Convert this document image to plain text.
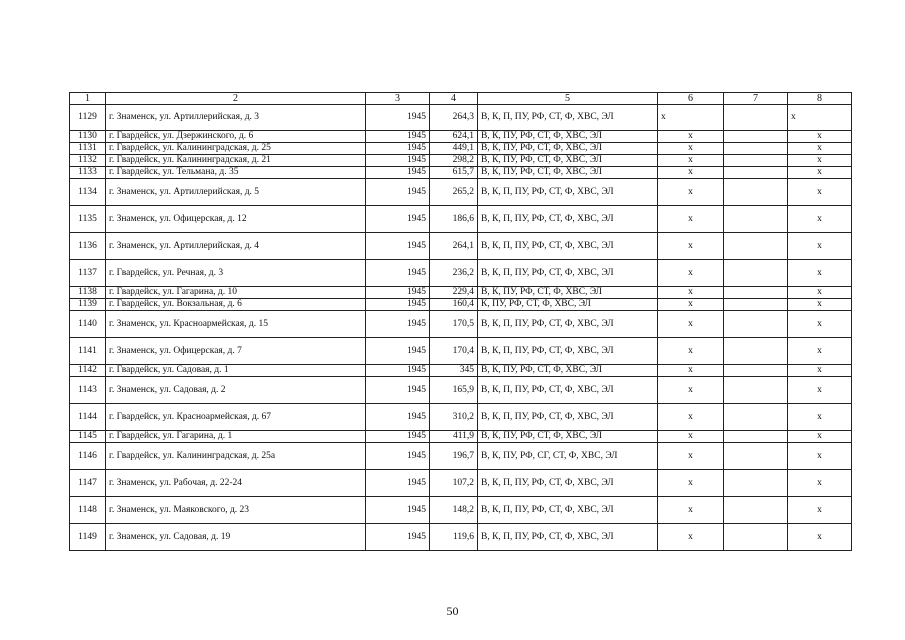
1	2	3	4	5	6	7	8
1129	г. Знаменск, ул. Артиллерийская, д. 3	1945	264,3	В, К, П, ПУ, РФ, СТ, Ф, ХВС, ЭЛ	х		х
1130	г. Гвардейск, ул. Дзержинского, д. 6	1945	624,1	В, К, ПУ, РФ, СТ, Ф, ХВС, ЭЛ	х		х
1131	г. Гвардейск, ул. Калининградская, д. 25	1945	449,1	В, К, ПУ, РФ, СТ, Ф, ХВС, ЭЛ	х		х
1132	г. Гвардейск, ул. Калининградская, д. 21	1945	298,2	В, К, ПУ, РФ, СТ, Ф, ХВС, ЭЛ	х		х
1133	г. Гвардейск, ул. Тельмана, д. 35	1945	615,7	В, К, ПУ, РФ, СТ, Ф, ХВС, ЭЛ	х		х
1134	г. Знаменск, ул. Артиллерийская, д. 5	1945	265,2	В, К, П, ПУ, РФ, СТ, Ф, ХВС, ЭЛ	х		х
1135	г. Знаменск, ул. Офицерская, д. 12	1945	186,6	В, К, П, ПУ, РФ, СТ, Ф, ХВС, ЭЛ	х		х
1136	г. Знаменск, ул. Артиллерийская, д. 4	1945	264,1	В, К, П, ПУ, РФ, СТ, Ф, ХВС, ЭЛ	х		х
1137	г. Гвардейск, ул. Речная, д. 3	1945	236,2	В, К, П, ПУ, РФ, СТ, Ф, ХВС, ЭЛ	х		х
1138	г. Гвардейск, ул. Гагарина, д. 10	1945	229,4	В, К, ПУ, РФ, СТ, Ф, ХВС, ЭЛ	х		х
1139	г. Гвардейск, ул. Вокзальная, д. 6	1945	160,4	К, ПУ, РФ, СТ, Ф, ХВС, ЭЛ	х		х
1140	г. Знаменск, ул. Красноармейская, д. 15	1945	170,5	В, К, П, ПУ, РФ, СТ, Ф, ХВС, ЭЛ	х		х
1141	г. Знаменск, ул. Офицерская, д. 7	1945	170,4	В, К, П, ПУ, РФ, СТ, Ф, ХВС, ЭЛ	х		х
1142	г. Гвардейск, ул. Садовая, д. 1	1945	345	В, К, ПУ, РФ, СТ, Ф, ХВС, ЭЛ	х		х
1143	г. Знаменск, ул. Садовая, д. 2	1945	165,9	В, К, П, ПУ, РФ, СТ, Ф, ХВС, ЭЛ	х		х
1144	г. Гвардейск, ул. Красноармейская, д. 67	1945	310,2	В, К, П, ПУ, РФ, СТ, Ф, ХВС, ЭЛ	х		х
1145	г. Гвардейск, ул. Гагарина, д. 1	1945	411,9	В, К, ПУ, РФ, СТ, Ф, ХВС, ЭЛ	х		х
1146	г. Гвардейск, ул. Калининградская, д. 25а	1945	196,7	В, К, ПУ, РФ, СГ, СТ, Ф, ХВС, ЭЛ	х		х
1147	г. Знаменск, ул. Рабочая, д. 22-24	1945	107,2	В, К, П, ПУ, РФ, СТ, Ф, ХВС, ЭЛ	х		х
1148	г. Знаменск, ул. Маяковского, д. 23	1945	148,2	В, К, П, ПУ, РФ, СТ, Ф, ХВС, ЭЛ	х		х
1149	г. Знаменск, ул. Садовая, д. 19	1945	119,6	В, К, П, ПУ, РФ, СТ, Ф, ХВС, ЭЛ	х		х
50
